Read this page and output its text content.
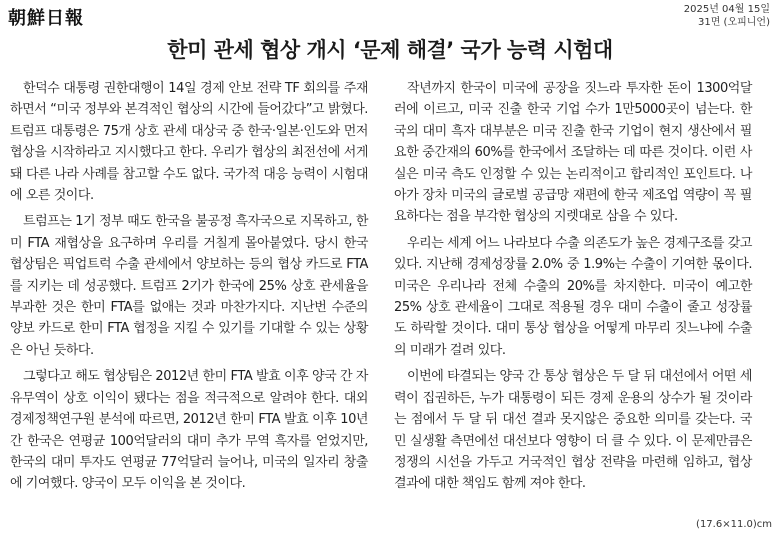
朝鮮日報	2025년 04월 15일
31면 (오피니언)
한미 관세 협상 개시 ‘문제 해결’ 국가 능력 시험대

한덕수 대통령 권한대행이 14일 경제 안보 전략 TF 회의를 주재하면서 “미국 정부와 본격적인 협상의 시간에 들어갔다”고 밝혔다. 트럼프 대통령은 75개 상호 관세 대상국 중 한국·일본·인도와 먼저 협상을 시작하라고 지시했다고 한다. 우리가 협상의 최전선에 서게 돼 다른 나라 사례를 참고할 수도 없다. 국가적 대응 능력이 시험대에 오른 것이다.

트럼프는 1기 정부 때도 한국을 불공정 흑자국으로 지목하고, 한미 FTA 재협상을 요구하며 우리를 거칠게 몰아붙였다. 당시 한국 협상팀은 픽업트럭 수출 관세에서 양보하는 등의 협상 카드로 FTA를 지키는 데 성공했다. 트럼프 2기가 한국에 25% 상호 관세율을 부과한 것은 한미 FTA를 없애는 것과 마찬가지다. 지난번 수준의 양보 카드로 한미 FTA 협정을 지킬 수 있기를 기대할 수 있는 상황은 아닌 듯하다.

그렇다고 해도 협상팀은 2012년 한미 FTA 발효 이후 양국 간 자유무역이 상호 이익이 됐다는 점을 적극적으로 알려야 한다. 대외경제정책연구원 분석에 따르면, 2012년 한미 FTA 발효 이후 10년간 한국은 연평균 100억달러의 대미 추가 무역 흑자를 얻었지만, 한국의 대미 투자도 연평균 77억달러 늘어나, 미국의 일자리 창출에 기여했다. 양국이 모두 이익을 본 것이다.

작년까지 한국이 미국에 공장을 짓느라 투자한 돈이 1300억달러에 이르고, 미국 진출 한국 기업 수가 1만5000곳이 넘는다. 한국의 대미 흑자 대부분은 미국 진출 한국 기업이 현지 생산에서 필요한 중간재의 60%를 한국에서 조달하는 데 따른 것이다. 이런 사실은 미국 측도 인정할 수 있는 논리적이고 합리적인 포인트다. 나아가 장차 미국의 글로벌 공급망 재편에 한국 제조업 역량이 꼭 필요하다는 점을 부각한 협상의 지렛대로 삼을 수 있다.

우리는 세계 어느 나라보다 수출 의존도가 높은 경제구조를 갖고 있다. 지난해 경제성장률 2.0% 중 1.9%는 수출이 기여한 몫이다. 미국은 우리나라 전체 수출의 20%를 차지한다. 미국이 예고한 25% 상호 관세율이 그대로 적용될 경우 대미 수출이 줄고 성장률도 하락할 것이다. 대미 통상 협상을 어떻게 마무리 짓느냐에 수출의 미래가 걸려 있다.

이번에 타결되는 양국 간 통상 협상은 두 달 뒤 대선에서 어떤 세력이 집권하든, 누가 대통령이 되든 경제 운용의 상수가 될 것이라는 점에서 두 달 뒤 대선 결과 못지않은 중요한 의미를 갖는다. 국민 실생활 측면에선 대선보다 영향이 더 클 수 있다. 이 문제만큼은 정쟁의 시선을 가두고 거국적인 협상 전략을 마련해 임하고, 협상 결과에 대한 책임도 함께 져야 한다.

(17.6×11.0)cm
